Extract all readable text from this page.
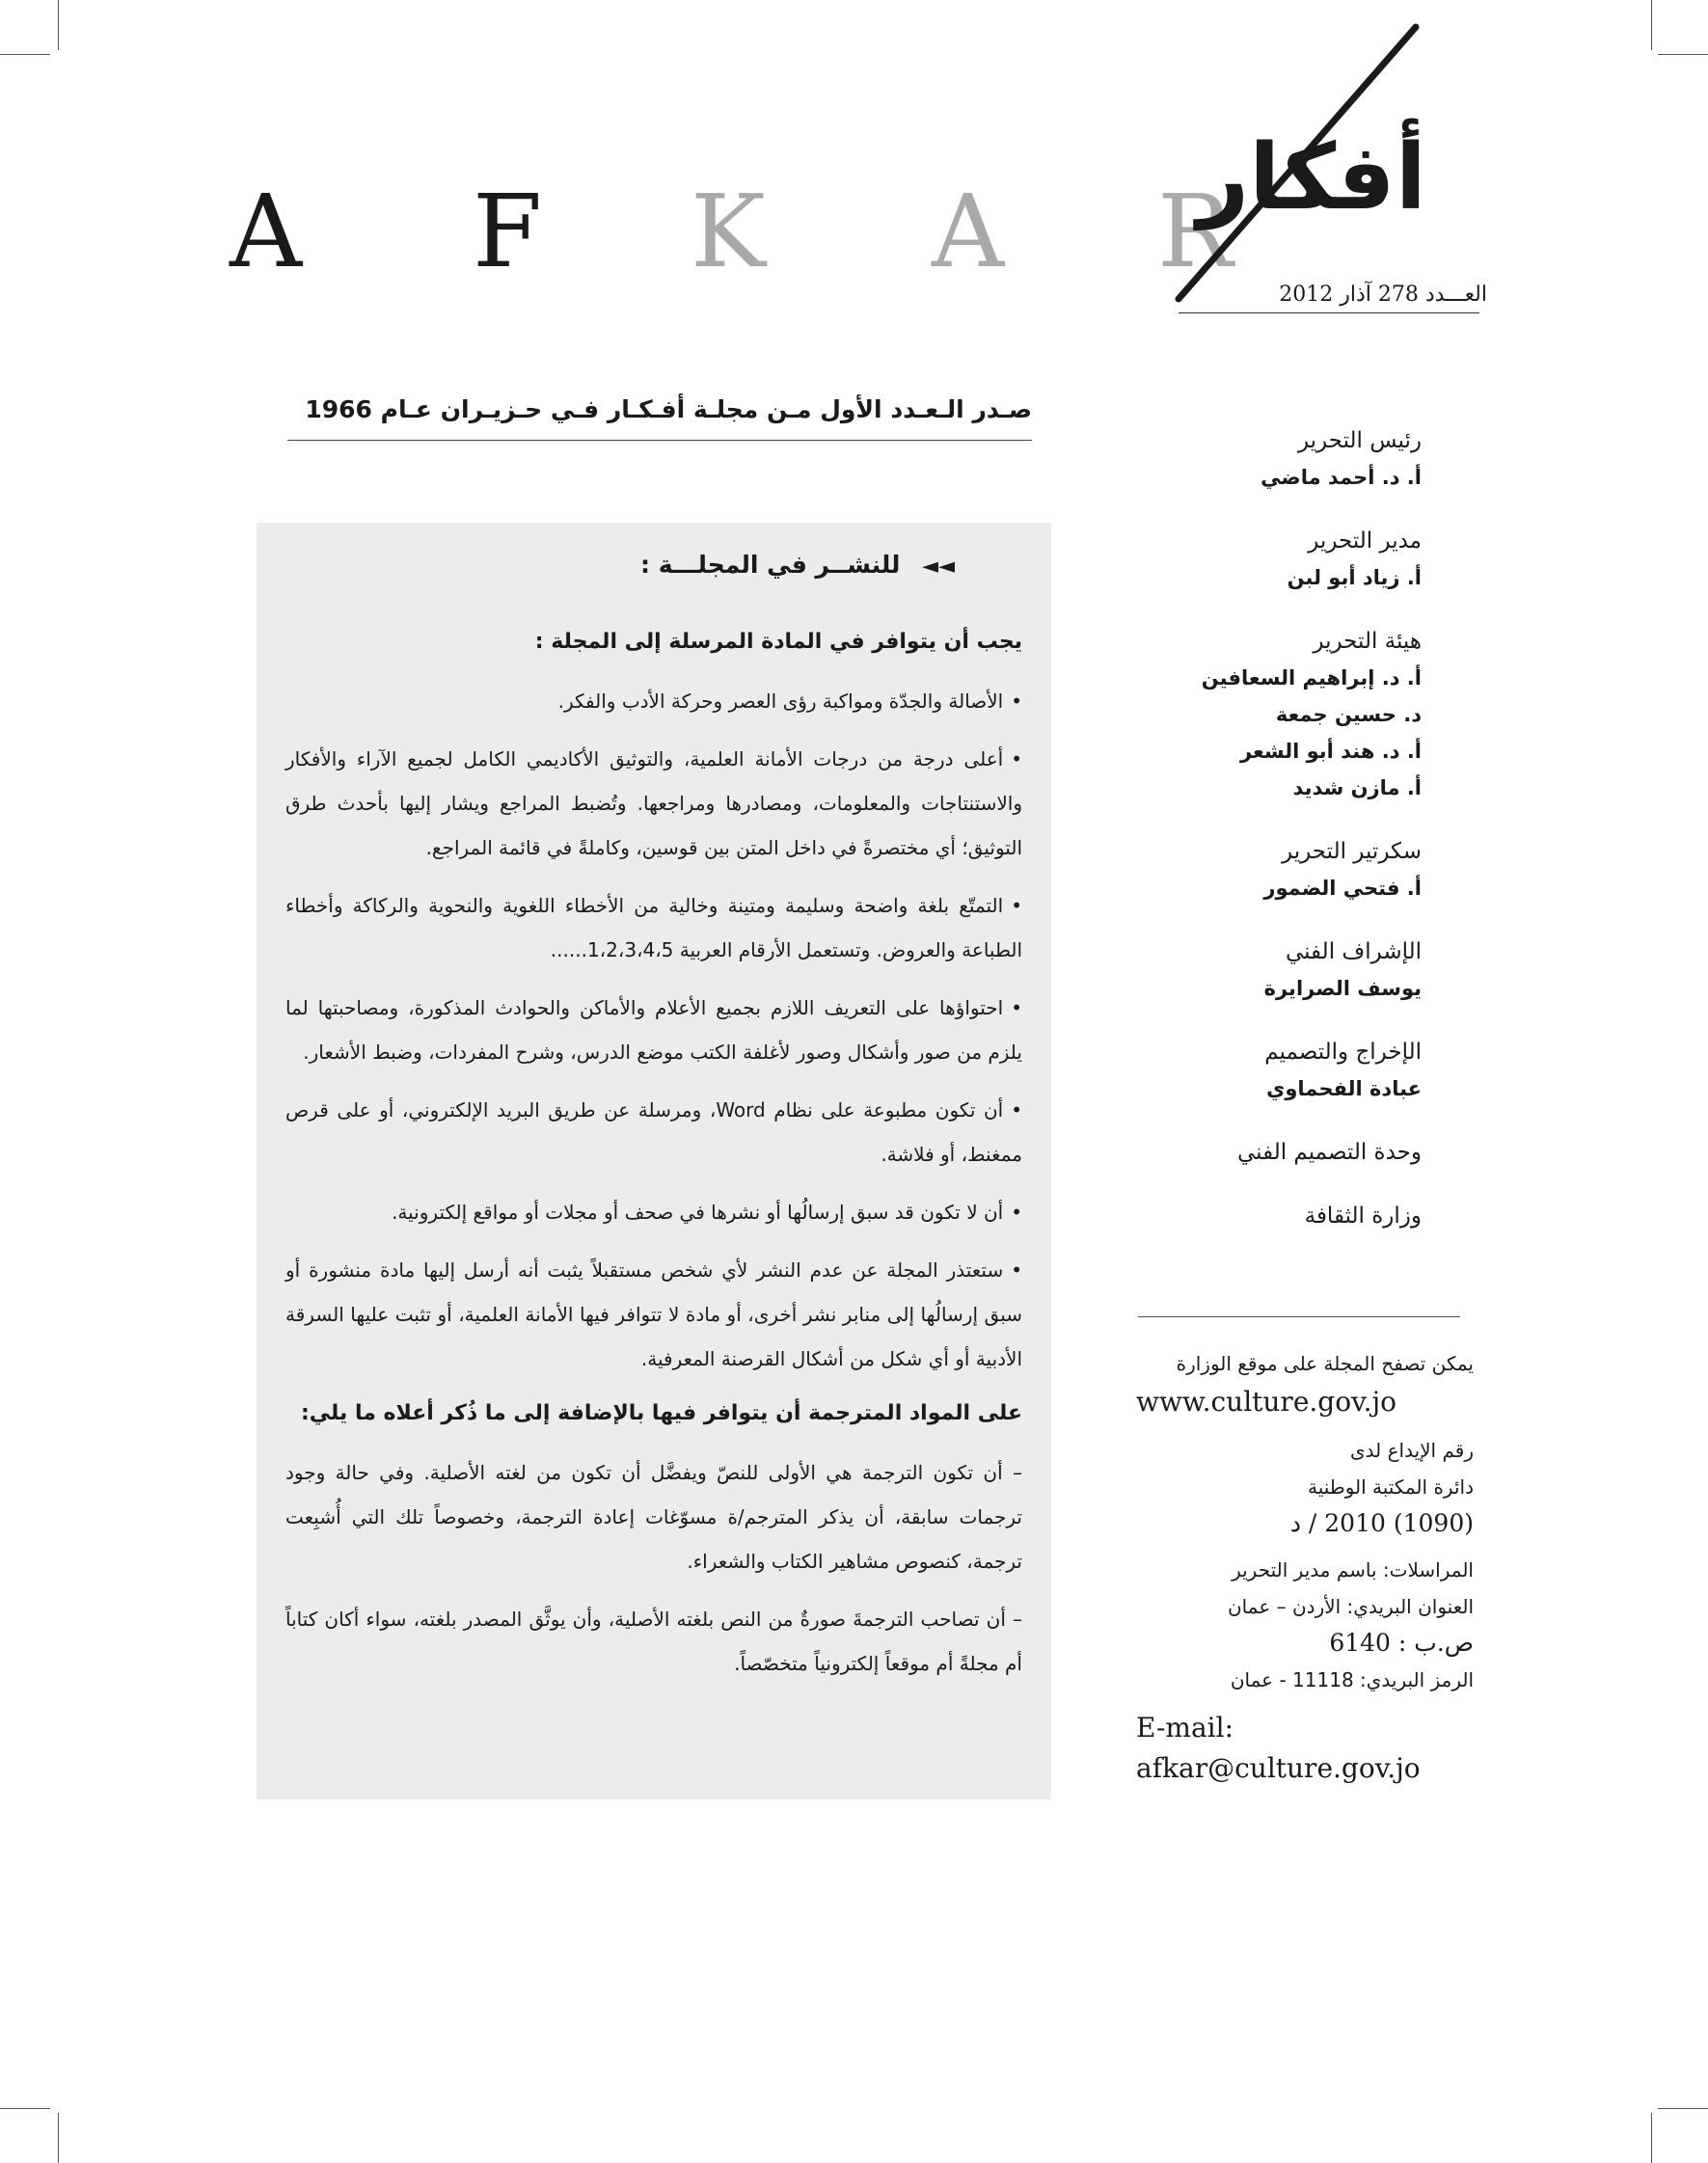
A F K A R
أفكار
العـــدد 278 آذار 2012
صـدر الـعـدد الأول مـن مجلـة أفـكـار فـي حـزيـران عـام 1966
◄◄ للنشــر في المجلـــة :
يجب أن يتوافر في المادة المرسلة إلى المجلة :

•الأصالة والجدّة ومواكبة رؤى العصر وحركة الأدب والفكر.

•أعلى درجة من درجات الأمانة العلمية، والتوثيق الأكاديمي الكامل لجميع الآراء والأفكار والاستنتاجات والمعلومات، ومصادرها ومراجعها. وتُضبط المراجع ويشار إليها بأحدث طرق التوثيق؛ أي مختصرةً في داخل المتن بين قوسين، وكاملةً في قائمة المراجع.

•التمتّع بلغة واضحة وسليمة ومتينة وخالية من الأخطاء اللغوية والنحوية والركاكة وأخطاء الطباعة والعروض. وتستعمل الأرقام العربية 1،2،3،4،5......

•احتواؤها على التعريف اللازم بجميع الأعلام والأماكن والحوادث المذكورة، ومصاحبتها لما يلزم من صور وأشكال وصور لأغلفة الكتب موضع الدرس، وشرح المفردات، وضبط الأشعار.

•أن تكون مطبوعة على نظام Word، ومرسلة عن طريق البريد الإلكتروني، أو على قرص ممغنط، أو فلاشة.

•أن لا تكون قد سبق إرسالُها أو نشرها في صحف أو مجلات أو مواقع إلكترونية.

•ستعتذر المجلة عن عدم النشر لأي شخص مستقبلاً يثبت أنه أرسل إليها مادة منشورة أو سبق إرسالُها إلى منابر نشر أخرى، أو مادة لا تتوافر فيها الأمانة العلمية، أو تثبت عليها السرقة الأدبية أو أي شكل من أشكال القرصنة المعرفية.

على المواد المترجمة أن يتوافر فيها بالإضافة إلى ما ذُكر أعلاه ما يلي:

– أن تكون الترجمة هي الأولى للنصّ ويفضَّل أن تكون من لغته الأصلية. وفي حالة وجود ترجمات سابقة، أن يذكر المترجم/ة مسوّغات إعادة الترجمة، وخصوصاً تلك التي أُشبِعت ترجمة، كنصوص مشاهير الكتاب والشعراء.

– أن تصاحب الترجمةَ صورةٌ من النص بلغته الأصلية، وأن يوثَّق المصدر بلغته، سواء أكان كتاباً أم مجلةً أم موقعاً إلكترونياً متخصّصاً.

رئيس التحرير
أ. د. أحمد ماضي
مدير التحرير
أ. زياد أبو لبن
هيئة التحرير
أ. د. إبراهيم السعافين
د. حسين جمعة
أ. د. هند أبو الشعر
أ. مازن شديد
سكرتير التحرير
أ. فتحي الضمور
الإشراف الفني
يوسف الصرايرة
الإخراج والتصميم
عبادة الفحماوي
وحدة التصميم الفني
وزارة الثقافة
يمكن تصفح المجلة على موقع الوزارة
www.culture.gov.jo
رقم الإيداع لدى
دائرة المكتبة الوطنية
(1090) 2010 / د
المراسلات: باسم مدير التحرير
العنوان البريدي: الأردن – عمان
ص.ب : 6140
الرمز البريدي: 11118 - عمان
E-mail:
afkar@culture.gov.jo
